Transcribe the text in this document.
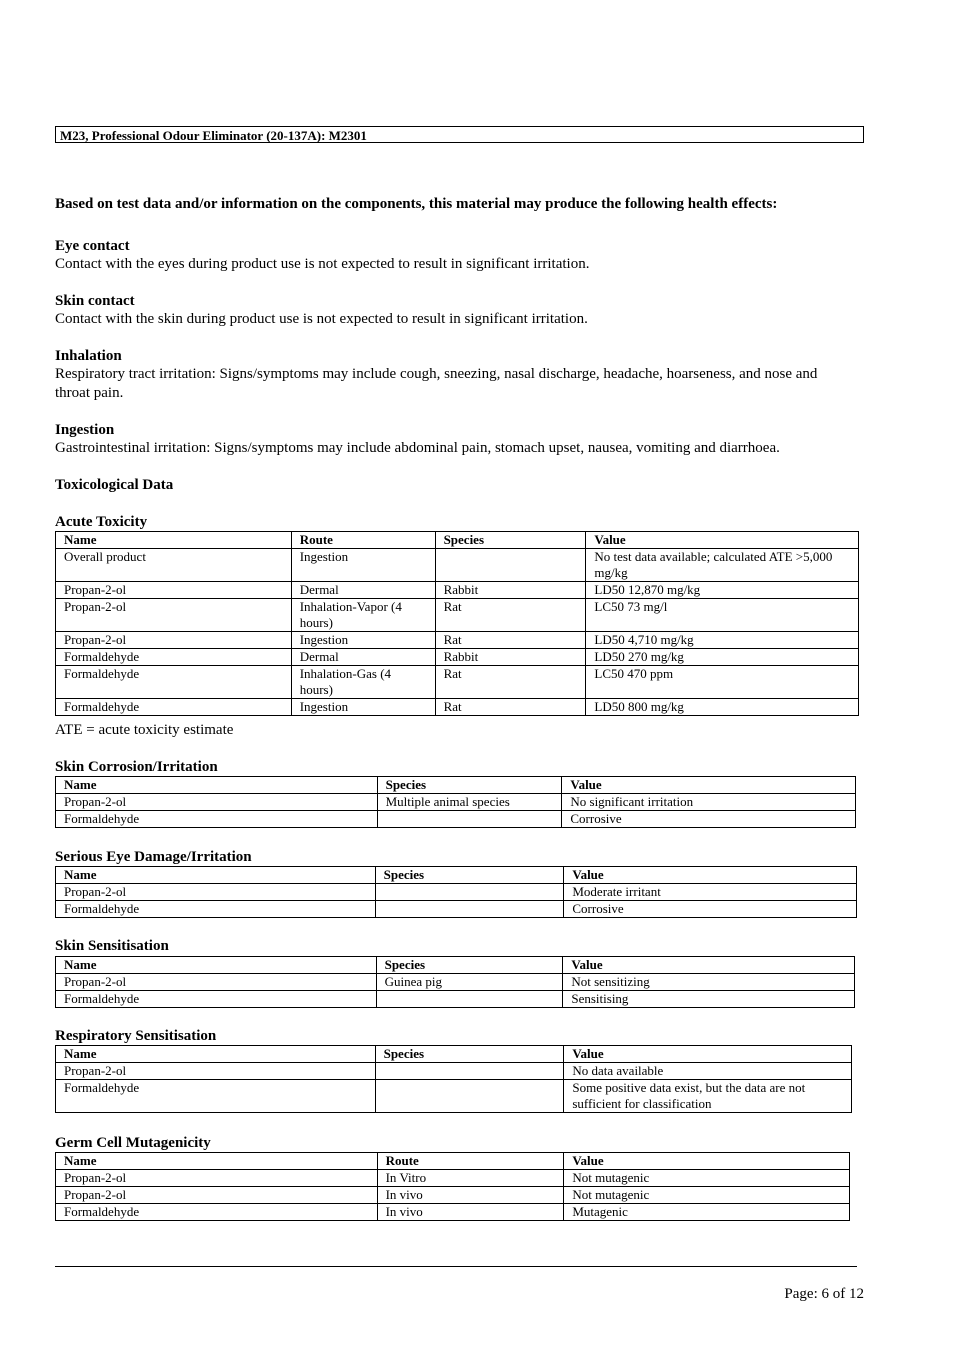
M23, Professional Odour Eliminator (20-137A): M2301
Based on test data and/or information on the components, this material may produce the following health effects:
Eye contact
Contact with the eyes during product use is not expected to result in significant irritation.
Skin contact
Contact with the skin during product use is not expected to result in significant irritation.
Inhalation
Respiratory tract irritation: Signs/symptoms may include cough, sneezing, nasal discharge, headache, hoarseness, and nose and throat pain.
Ingestion
Gastrointestinal irritation: Signs/symptoms may include abdominal pain, stomach upset, nausea, vomiting and diarrhoea.
Toxicological Data
Acute Toxicity
Name	Route	Species	Value
Overall product	Ingestion		No test data available; calculated ATE >5,000 mg/kg
Propan-2-ol	Dermal	Rabbit	LD50 12,870 mg/kg
Propan-2-ol	Inhalation-Vapor (4 hours)	Rat	LC50 73 mg/l
Propan-2-ol	Ingestion	Rat	LD50 4,710 mg/kg
Formaldehyde	Dermal	Rabbit	LD50 270 mg/kg
Formaldehyde	Inhalation-Gas (4 hours)	Rat	LC50 470 ppm
Formaldehyde	Ingestion	Rat	LD50 800 mg/kg
ATE = acute toxicity estimate
Skin Corrosion/Irritation
Name	Species	Value
Propan-2-ol	Multiple animal species	No significant irritation
Formaldehyde		Corrosive
Serious Eye Damage/Irritation
Name	Species	Value
Propan-2-ol		Moderate irritant
Formaldehyde		Corrosive
Skin Sensitisation
Name	Species	Value
Propan-2-ol	Guinea pig	Not sensitizing
Formaldehyde		Sensitising
Respiratory Sensitisation
Name	Species	Value
Propan-2-ol		No data available
Formaldehyde		Some positive data exist, but the data are not sufficient for classification
Germ Cell Mutagenicity
Name	Route	Value
Propan-2-ol	In Vitro	Not mutagenic
Propan-2-ol	In vivo	Not mutagenic
Formaldehyde	In vivo	Mutagenic
Page: 6 of 12
